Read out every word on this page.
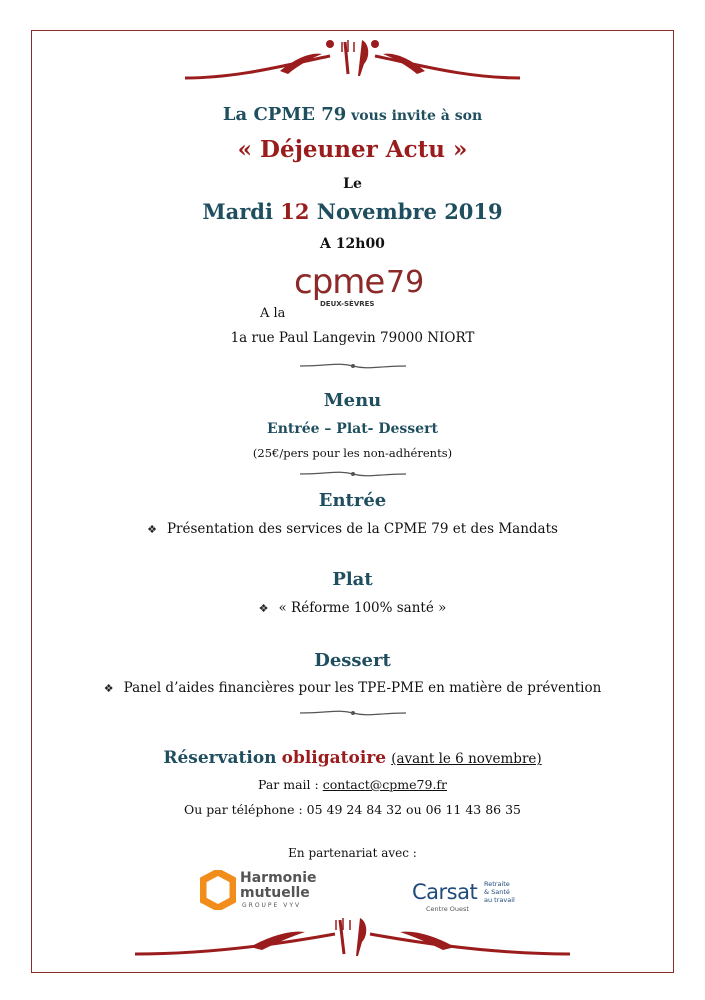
La CPME 79 vous invite à son
« Déjeuner Actu »
Le
Mardi 12 Novembre 2019
A 12h00
A la
cpme 79
DEUX-SÈVRES
1a rue Paul Langevin 79000 NIORT
Menu
Entrée – Plat- Dessert
(25€/pers pour les non-adhérents)
Entrée
❖ Présentation des services de la CPME 79 et des Mandats
Plat
❖ « Réforme 100% santé »
Dessert
❖ Panel d’aides financières pour les TPE-PME en matière de prévention
Réservation obligatoire (avant le 6 novembre)
Par mail : contact@cpme79.fr
Ou par téléphone : 05 49 24 84 32 ou 06 11 43 86 35
En partenariat avec :
Harmonie
mutuelle
GROUPE VYV
Carsat Retraite
& Santé
au travail
Centre Ouest
